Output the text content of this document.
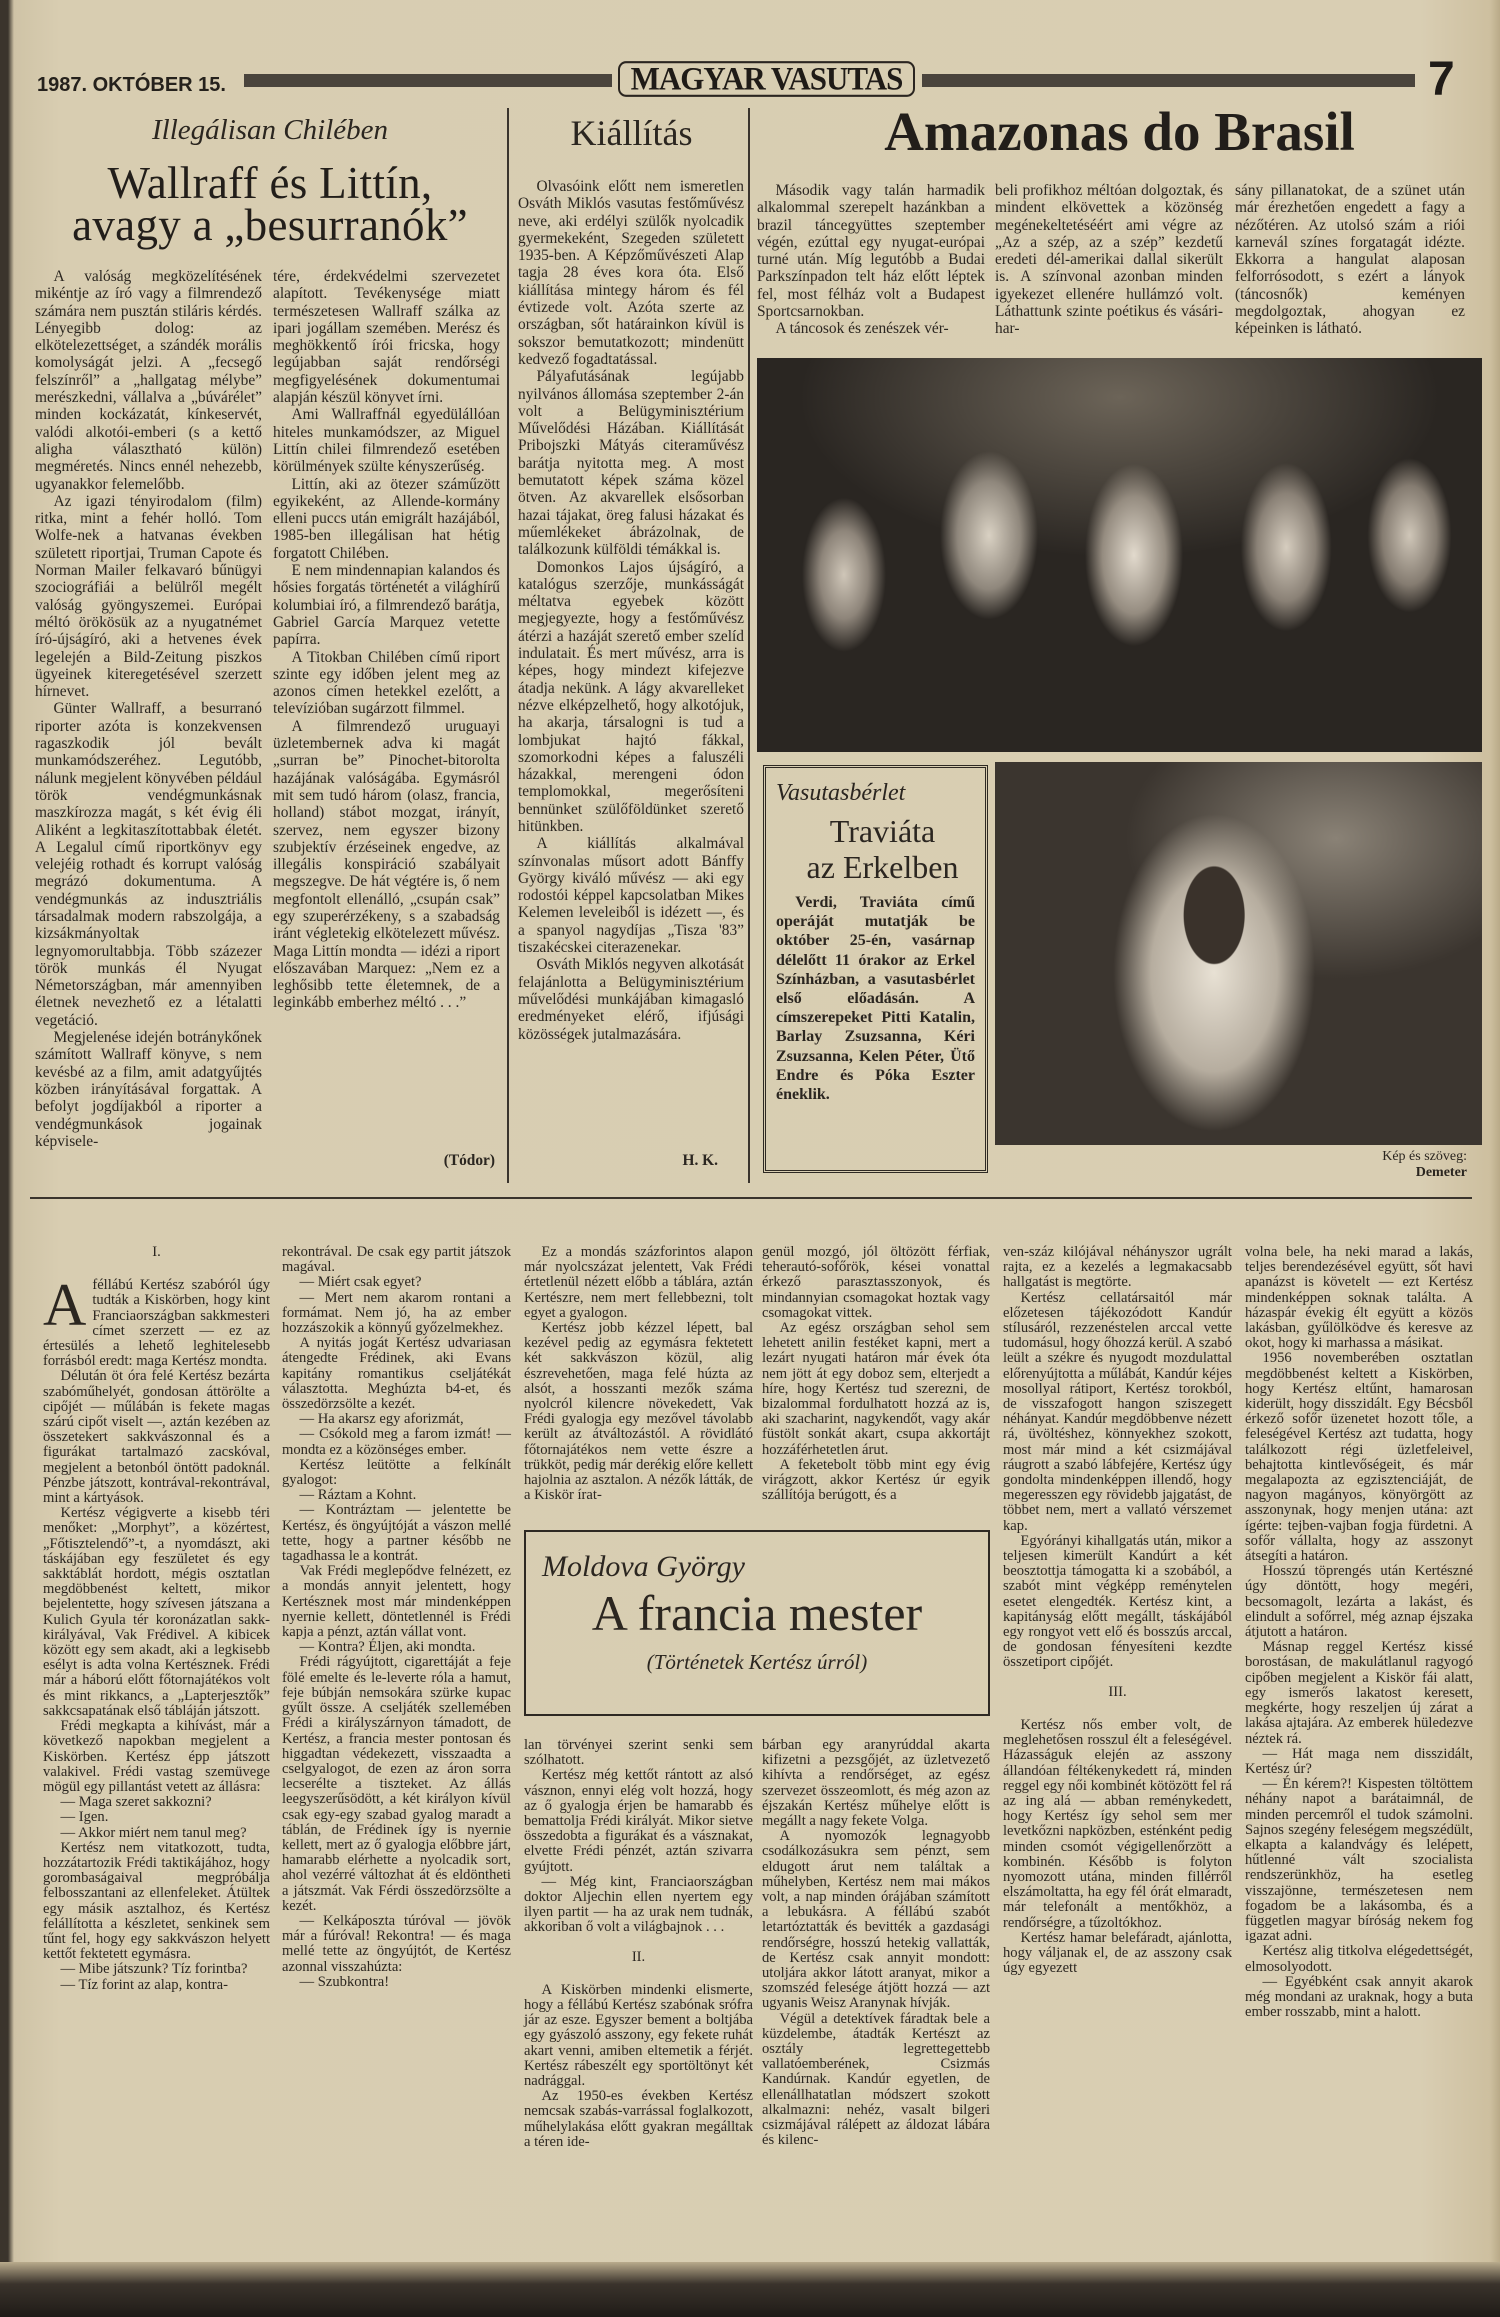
1987. OKTÓBER 15.	MAGYAR VASUTAS	7
Illegálisan Chilében
Wallraff és Littín,
avagy a „besurranók”

A valóság megközelítésének mikéntje az író vagy a filmrendező számára nem pusztán stiláris kérdés. Lényegibb dolog: az elkötelezettséget, a szándék morális komolyságát jelzi. A „fecsegő felszínről” a „hallgatag mélybe” merészkedni, vállalva a „búvárélet” minden kockázatát, kínkeservét, valódi alkotói-emberi (s a kettő aligha választható külön) megméretés. Nincs ennél nehezebb, ugyanakkor felemelőbb.

Az igazi tényirodalom (film) ritka, mint a fehér holló. Tom Wolfe-nek a hatvanas években született riportjai, Truman Capote és Norman Mailer felkavaró bűnügyi szociográfiái a belülről megélt valóság gyöngyszemei. Európai méltó örökösük az a nyugatnémet író-újságíró, aki a hetvenes évek legelején a Bild-Zeitung piszkos ügyeinek kiteregetésével szerzett hírnevet.

Günter Wallraff, a besurranó riporter azóta is konzekvensen ragaszkodik jól bevált munkamódszeréhez. Legutóbb, nálunk megjelent könyvében például török vendégmunkásnak maszkírozza magát, s két évig éli Aliként a legkitaszítottabbak életét. A Legalul című riportkönyv egy velejéig rothadt és korrupt valóság megrázó dokumentuma. A vendégmunkás az indusztriális társadalmak modern rabszolgája, a kizsákmányoltak legnyomorultabbja. Több százezer török munkás él Nyugat Németországban, már amennyiben életnek nevezhető ez a létalatti vegetáció.

Megjelenése idején botránykőnek számított Wallraff könyve, s nem kevésbé az a film, amit adatgyűjtés közben irányításával forgattak. A befolyt jogdíjakból a riporter a vendégmunkások jogainak képvisele-

tére, érdekvédelmi szervezetet alapított. Tevékenysége miatt természetesen Wallraff szálka az ipari jogállam szemében. Merész és meghökkentő írói fricska, hogy legújabban saját rendőrségi megfigyelésének dokumentumai alapján készül könyvet írni.

Ami Wallraffnál egyedülállóan hiteles munkamódszer, az Miguel Littín chilei filmrendező esetében körülmények szülte kényszerűség.

Littín, aki az ötezer száműzött egyikeként, az Allende-kormány elleni puccs után emigrált hazájából, 1985-ben illegálisan hat hétig forgatott Chilében.

E nem mindennapian kalandos és hősies forgatás történetét a világhírű kolumbiai író, a filmrendező barátja, Gabriel García Marquez vetette papírra.

A Titokban Chilében című riport szinte egy időben jelent meg az azonos címen hetekkel ezelőtt, a televízióban sugárzott filmmel.

A filmrendező uruguayi üzletembernek adva ki magát „surran be” Pinochet-bitorolta hazájának valóságába. Egymásról mit sem tudó három (olasz, francia, holland) stábot mozgat, irányít, szervez, nem egyszer bizony szubjektív érzéseinek engedve, az illegális konspiráció szabályait megszegve. De hát végtére is, ő nem megfontolt ellenálló, „csupán csak” egy szuperérzékeny, s a szabadság iránt végletekig elkötelezett művész. Maga Littín mondta — idézi a riport előszavában Marquez: „Nem ez a leghősibb tette életemnek, de a leginkább emberhez méltó . . .”

(Tódor)
Kiállítás

Olvasóink előtt nem ismeretlen Osváth Miklós vasutas festőművész neve, aki erdélyi szülők nyolcadik gyermekeként, Szegeden született 1935-ben. A Képzőművészeti Alap tagja 28 éves kora óta. Első kiállítása mintegy három és fél évtizede volt. Azóta szerte az országban, sőt határainkon kívül is sokszor bemutatkozott; mindenütt kedvező fogadtatással.

Pályafutásának legújabb nyilvános állomása szeptember 2-án volt a Belügyminisztérium Művelődési Házában. Kiállítását Pribojszki Mátyás citeraművész barátja nyitotta meg. A most bemutatott képek száma közel ötven. Az akvarellek elsősorban hazai tájakat, öreg falusi házakat és műemlékeket ábrázolnak, de találkozunk külföldi témákkal is.

Domonkos Lajos újságíró, a katalógus szerzője, munkásságát méltatva egyebek között megjegyezte, hogy a festőművész átérzi a hazáját szerető ember szelíd indulatait. És mert művész, arra is képes, hogy mindezt kifejezve átadja nekünk. A lágy akvarelleket nézve elképzelhető, hogy alkotójuk, ha akarja, társalogni is tud a lombjukat hajtó fákkal, szomorkodni képes a faluszéli házakkal, merengeni ódon templomokkal, megerősíteni bennünket szülőföldünket szerető hitünkben.

A kiállítás alkalmával színvonalas műsort adott Bánffy György kiváló művész — aki egy rodostói képpel kapcsolatban Mikes Kelemen leveleiből is idézett —, és a spanyol nagydíjas „Tisza '83” tiszakécskei citerazenekar.

Osváth Miklós negyven alkotását felajánlotta a Belügyminisztérium művelődési munkájában kimagasló eredményeket elérő, ifjúsági közösségek jutalmazására.

H. K.
Amazonas do Brasil

Második vagy talán harmadik alkalommal szerepelt hazánkban a brazil táncegyüttes szeptember végén, ezúttal egy nyugat-európai turné után. Míg legutóbb a Budai Parkszínpadon telt ház előtt léptek fel, most félház volt a Budapest Sportcsarnokban.

A táncosok és zenészek vér-

beli profikhoz méltóan dolgoztak, és mindent elkövettek a közönség megénekeltetéséért ami végre az „Az a szép, az a szép” kezdetű eredeti dél-amerikai dallal sikerült is. A színvonal azonban minden igyekezet ellenére hullámzó volt. Láthattunk szinte poétikus és vásári-har-

sány pillanatokat, de a szünet után már érezhetően engedett a fagy a nézőtéren. Az utolsó szám a riói karnevál színes forgatagát idézte. Ekkorra a hangulat alaposan felforrósodott, s ezért a lányok (táncosnők) keményen megdolgoztak, ahogyan ez képeinken is látható.

Kép és szöveg:
Demeter
Vasutasbérlet
Traviáta
az Erkelben
Verdi, Traviáta című operáját mutatják be október 25-én, vasárnap délelőtt 11 órakor az Erkel Színházban, a vasutasbérlet első előadásán. A címszerepeket Pitti Katalin, Barlay Zsuzsanna, Kéri Zsuzsanna, Kelen Péter, Ütő Endre és Póka Eszter éneklik.

I.

A féllábú Kertész szabóról úgy tudták a Kiskörben, hogy kint Franciaországban sakkmesteri címet szerzett — ez az értesülés a lehető leghitelesebb forrásból eredt: maga Kertész mondta.

Délután öt óra felé Kertész bezárta szabóműhelyét, gondosan áttörölte a cipőjét — műlábán is fekete magas szárú cipőt viselt —, aztán kezében az összetekert sakkvászonnal és a figurákat tartalmazó zacskóval, megjelent a betonból öntött padoknál. Pénzbe játszott, kontrával-rekontrával, mint a kártyások.

Kertész végigverte a kisebb téri menőket: „Morphyt”, a közértest, „Főtisztelendő”-t, a nyomdászt, aki táskájában egy feszületet és egy sakktáblát hordott, mégis osztatlan megdöbbenést keltett, mikor bejelentette, hogy szívesen játszana a Kulich Gyula tér koronázatlan sakk-királyával, Vak Frédivel. A kibicek között egy sem akadt, aki a legkisebb esélyt is adta volna Kertésznek. Frédi már a háború előtt főtornajátékos volt és mint rikkancs, a „Lapterjesztők” sakkcsapatának első tábláján játszott.

Frédi megkapta a kihívást, már a következő napokban megjelent a Kiskörben. Kertész épp játszott valakivel. Frédi vastag szemüvege mögül egy pillantást vetett az állásra:

— Maga szeret sakkozni?

— Igen.

— Akkor miért nem tanul meg?

Kertész nem vitatkozott, tudta, hozzátartozik Frédi taktikájához, hogy gorombaságaival megpróbálja felbosszantani az ellenfeleket. Átültek egy másik asztalhoz, és Kertész felállította a készletet, senkinek sem tűnt fel, hogy egy sakkvászon helyett kettőt fektetett egymásra.

— Mibe játszunk? Tíz forintba?

— Tíz forint az alap, kontra-

rekontrával. De csak egy partit játszok magával.

— Miért csak egyet?

— Mert nem akarom rontani a formámat. Nem jó, ha az ember hozzászokik a könnyű győzelmekhez.

A nyitás jogát Kertész udvariasan átengedte Frédinek, aki Evans kapitány romantikus cseljátékát választotta. Meghúzta b4-et, és összedörzsölte a kezét.

— Ha akarsz egy aforizmát,

— Csókold meg a farom izmát! — mondta ez a közönséges ember.

Kertész leütötte a felkínált gyalogot:

— Ráztam a Kohnt.

— Kontráztam — jelentette be Kertész, és öngyújtóját a vászon mellé tette, hogy a partner később ne tagadhassa le a kontrát.

Vak Frédi meglepődve felnézett, ez a mondás annyit jelentett, hogy Kertésznek most már mindenképpen nyernie kellett, döntetlennél is Frédi kapja a pénzt, aztán vállat vont.

— Kontra? Éljen, aki mondta.

Frédi rágyújtott, cigarettáját a feje fölé emelte és le-leverte róla a hamut, feje búbján nemsokára szürke kupac gyűlt össze. A cseljáték szellemében Frédi a királyszárnyon támadott, de Kertész, a francia mester pontosan és higgadtan védekezett, visszaadta a cselgyalogot, de ezen az áron sorra lecserélte a tiszteket. Az állás leegyszerűsödött, a két királyon kívül csak egy-egy szabad gyalog maradt a táblán, de Frédinek így is nyernie kellett, mert az ő gyalogja előbbre járt, hamarabb elérhette a nyolcadik sort, ahol vezérré változhat át és eldöntheti a játszmát. Vak Férdi összedörzsölte a kezét.

— Kelkáposzta túróval — jövök már a fúróval! Rekontra! — és maga mellé tette az öngyújtót, de Kertész azonnal visszahúzta:

— Szubkontra!

Ez a mondás százforintos alapon már nyolcszázat jelentett, Vak Frédi értetlenül nézett előbb a táblára, aztán Kertészre, nem mert fellebbezni, tolt egyet a gyalogon.

Kertész jobb kézzel lépett, bal kezével pedig az egymásra fektetett két sakkvászon közül, alig észrevehetően, maga felé húzta az alsót, a hosszanti mezők száma nyolcról kilencre növekedett, Vak Frédi gyalogja egy mezővel távolabb került az átváltozástól. A rövidlátó főtornajátékos nem vette észre a trükköt, pedig már derékig előre kellett hajolnia az asztalon. A nézők látták, de a Kiskör írat-

genül mozgó, jól öltözött férfiak, teherautó-sofőrök, kései vonattal érkező parasztasszonyok, és mindannyian csomagokat hoztak vagy csomagokat vittek.

Az egész országban sehol sem lehetett anilin festéket kapni, mert a lezárt nyugati határon már évek óta nem jött át egy doboz sem, elterjedt a híre, hogy Kertész tud szerezni, de bizalommal fordulhatott hozzá az is, aki szacharint, nagykendőt, vagy akár füstölt sonkát akart, csupa akkortájt hozzáférhetetlen árut.

A feketebolt több mint egy évig virágzott, akkor Kertész úr egyik szállítója berúgott, és a

Moldova György
A francia mester
(Történetek Kertész úrról)

lan törvényei szerint senki sem szólhatott.

Kertész még kettőt rántott az alsó vásznon, ennyi elég volt hozzá, hogy az ő gyalogja érjen be hamarabb és bemattolja Frédi királyát. Mikor sietve összedobta a figurákat és a vásznakat, elvette Frédi pénzét, aztán szivarra gyújtott.

— Még kint, Franciaországban doktor Aljechin ellen nyertem egy ilyen partit — ha az urak nem tudnák, akkoriban ő volt a világbajnok . . .

II.

A Kiskörben mindenki elismerte, hogy a féllábú Kertész szabónak srófra jár az esze. Egyszer bement a boltjába egy gyászoló asszony, egy fekete ruhát akart venni, amiben eltemetik a férjét. Kertész rábeszélt egy sportöltönyt két nadrággal.

Az 1950-es években Kertész nemcsak szabás-varrással foglalkozott, műhelylakása előtt gyakran megálltak a téren ide-

bárban egy aranyrúddal akarta kifizetni a pezsgőjét, az üzletvezető kihívta a rendőrséget, az egész szervezet összeomlott, és még azon az éjszakán Kertész műhelye előtt is megállt a nagy fekete Volga.

A nyomozók legnagyobb csodálkozásukra sem pénzt, sem eldugott árut nem találtak a műhelyben, Kertész nem mai mákos volt, a nap minden órájában számított a lebukásra. A féllábú szabót letartóztatták és bevitték a gazdasági rendőrségre, hosszú hetekig vallatták, de Kertész csak annyit mondott: utoljára akkor látott aranyat, mikor a szomszéd felesége átjött hozzá — azt ugyanis Weisz Aranynak hívják.

Végül a detektívek fáradtak bele a küzdelembe, átadták Kertészt az osztály legrettegettebb vallatóemberének, Csizmás Kandúrnak. Kandúr egyetlen, de ellenállhatatlan módszert szokott alkalmazni: nehéz, vasalt bilgeri csizmájával rálépett az áldozat lábára és kilenc-

ven-száz kilójával néhányszor ugrált rajta, ez a kezelés a legmakacsabb hallgatást is megtörte.

Kertész cellatársaitól már előzetesen tájékozódott Kandúr stílusáról, rezzenéstelen arccal vette tudomásul, hogy őhozzá kerül. A szabó leült a székre és nyugodt mozdulattal előrenyújtotta a műlábát, Kandúr kéjes mosollyal rátiport, Kertész torokból, de visszafogott hangon sziszegett néhányat. Kandúr megdöbbenve nézett rá, üvöltéshez, könnyekhez szokott, most már mind a két csizmájával ráugrott a szabó lábfejére, Kertész úgy gondolta mindenképpen illendő, hogy megeresszen egy rövidebb jajgatást, de többet nem, mert a vallató vérszemet kap.

Egyórányi kihallgatás után, mikor a teljesen kimerült Kandúrt a két beosztottja támogatta ki a szobából, a szabót mint végképp reménytelen esetet elengedték. Kertész kint, a kapitányság előtt megállt, táskájából egy rongyot vett elő és bosszús arccal, de gondosan fényesíteni kezdte összetiport cipőjét.

III.

Kertész nős ember volt, de meglehetősen rosszul élt a feleségével. Házasságuk elején az asszony állandóan féltékenykedett rá, minden reggel egy női kombinét kötözött fel rá az ing alá — abban reménykedett, hogy Kertész így sehol sem mer levetkőzni napközben, esténként pedig minden csomót végigellenőrzött a kombinén. Később is folyton nyomozott utána, minden fillérről elszámoltatta, ha egy fél órát elmaradt, már telefonált a mentőkhöz, a rendőrségre, a tűzoltókhoz.

Kertész hamar belefáradt, ajánlotta, hogy váljanak el, de az asszony csak úgy egyezett

volna bele, ha neki marad a lakás, teljes berendezésével együtt, sőt havi apanázst is követelt — ezt Kertész mindenképpen soknak találta. A házaspár évekig élt együtt a közös lakásban, gyűlölködve és keresve az okot, hogy ki marhassa a másikat.

1956 novemberében osztatlan megdöbbenést keltett a Kiskörben, hogy Kertész eltűnt, hamarosan kiderült, hogy disszidált. Egy Bécsből érkező sofőr üzenetet hozott tőle, a feleségével Kertész azt tudatta, hogy találkozott régi üzletfeleivel, behajtotta kintlevőségeit, és már megalapozta az egzisztenciáját, de nagyon magányos, könyörgött az asszonynak, hogy menjen utána: azt ígérte: tejben-vajban fogja fürdetni. A sofőr vállalta, hogy az asszonyt átsegíti a határon.

Hosszú töprengés után Kertészné úgy döntött, hogy megéri, becsomagolt, lezárta a lakást, és elindult a sofőrrel, még aznap éjszaka átjutott a határon.

Másnap reggel Kertész kissé borostásan, de makulátlanul ragyogó cipőben megjelent a Kiskör fái alatt, egy ismerős lakatost keresett, megkérte, hogy reszeljen új zárat a lakása ajtajára. Az emberek hüledezve néztek rá.

— Hát maga nem disszidált, Kertész úr?

— Én kérem?! Kispesten töltöttem néhány napot a barátaimnál, de minden percemről el tudok számolni. Sajnos szegény feleségem megszédült, elkapta a kalandvágy és lelépett, hűtlenné vált szocialista rendszerünkhöz, ha esetleg visszajönne, természetesen nem fogadom be a lakásomba, és a független magyar bíróság nekem fog igazat adni.

Kertész alig titkolva elégedettségét, elmosolyodott.

— Egyébként csak annyit akarok még mondani az uraknak, hogy a buta ember rosszabb, mint a halott.
